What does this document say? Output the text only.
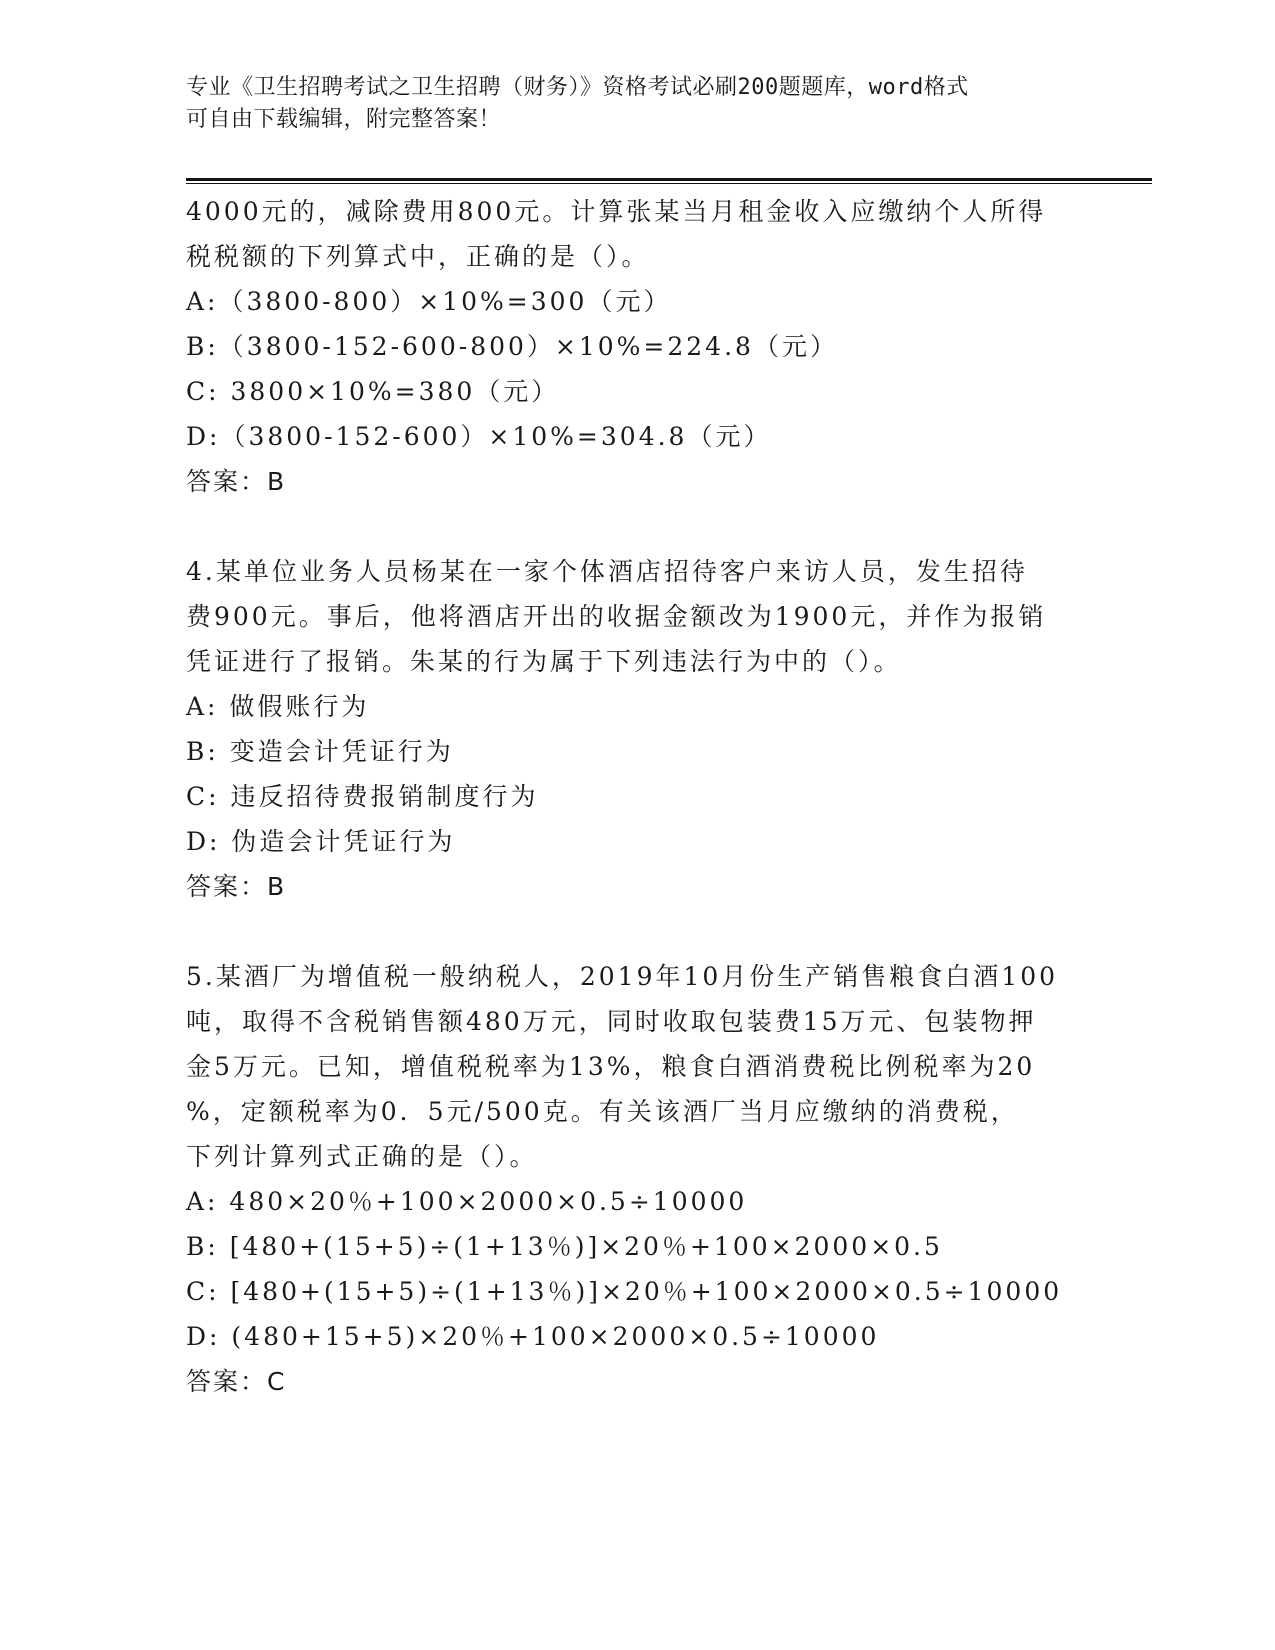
专业《卫生招聘考试之卫生招聘（财务）》资格考试必刷200题题库，word格式
可自由下载编辑，附完整答案！
4000元的，减除费用800元。计算张某当月租金收入应缴纳个人所得
税税额的下列算式中，正确的是（）。
A:（3800-800）×10%=300（元）
B:（3800-152-600-800）×10%=224.8（元）
C: 3800×10%=380（元）
D:（3800-152-600）×10%=304.8（元）
答案：B
4.某单位业务人员杨某在一家个体酒店招待客户来访人员，发生招待
费900元。事后，他将酒店开出的收据金额改为1900元，并作为报销
凭证进行了报销。朱某的行为属于下列违法行为中的（）。
A: 做假账行为
B: 变造会计凭证行为
C: 违反招待费报销制度行为
D: 伪造会计凭证行为
答案：B
5.某酒厂为增值税一般纳税人，2019年10月份生产销售粮食白酒100
吨，取得不含税销售额480万元，同时收取包装费15万元、包装物押
金5万元。已知，增值税税率为13%，粮食白酒消费税比例税率为20
%，定额税率为0．5元/500克。有关该酒厂当月应缴纳的消费税，
下列计算列式正确的是（）。
A: 480×20％+100×2000×0.5÷10000
B: [480+(15+5)÷(1+13％)]×20％+100×2000×0.5
C: [480+(15+5)÷(1+13％)]×20％+100×2000×0.5÷10000
D: (480+15+5)×20％+100×2000×0.5÷10000
答案：C
